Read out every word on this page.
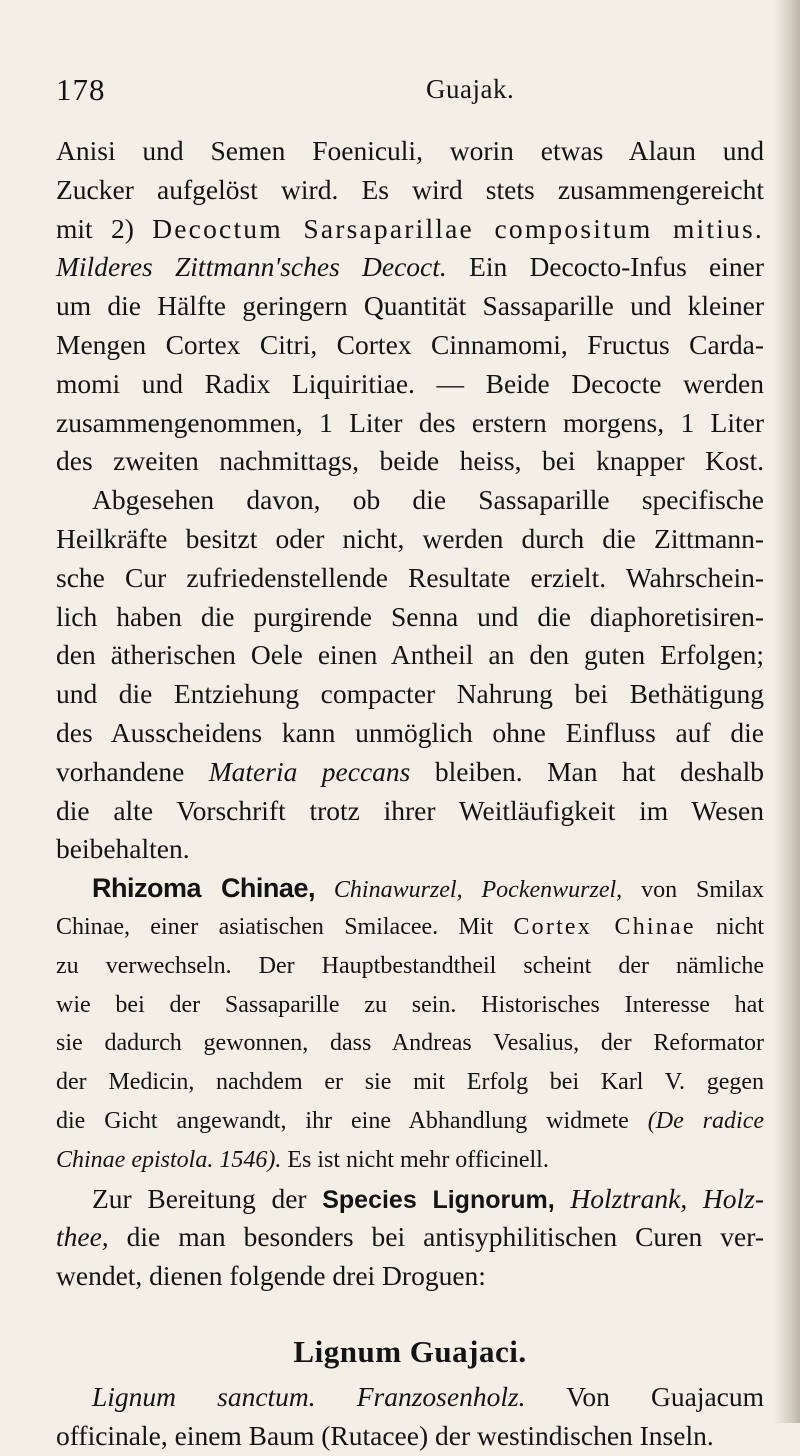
178	Guajak.
Anisi und Semen Foeniculi, worin etwas Alaun und
Zucker aufgelöst wird. Es wird stets zusammengereicht
mit 2) Decoctum Sarsaparillae compositum mitius.
Milderes Zittmann'sches Decoct. Ein Decocto-Infus einer
um die Hälfte geringern Quantität Sassaparille und kleiner
Mengen Cortex Citri, Cortex Cinnamomi, Fructus Carda-
momi und Radix Liquiritiae. — Beide Decocte werden
zusammengenommen, 1 Liter des erstern morgens, 1 Liter
des zweiten nachmittags, beide heiss, bei knapper Kost.
Abgesehen davon, ob die Sassaparille specifische
Heilkräfte besitzt oder nicht, werden durch die Zittmann-
sche Cur zufriedenstellende Resultate erzielt. Wahrschein-
lich haben die purgirende Senna und die diaphoretisiren-
den ätherischen Oele einen Antheil an den guten Erfolgen;
und die Entziehung compacter Nahrung bei Bethätigung
des Ausscheidens kann unmöglich ohne Einfluss auf die
vorhandene Materia peccans bleiben. Man hat deshalb
die alte Vorschrift trotz ihrer Weitläufigkeit im Wesen
beibehalten.
Rhizoma Chinae, Chinawurzel, Pockenwurzel, von Smilax
Chinae, einer asiatischen Smilacee. Mit Cortex Chinae nicht
zu verwechseln. Der Hauptbestandtheil scheint der nämliche
wie bei der Sassaparille zu sein. Historisches Interesse hat
sie dadurch gewonnen, dass Andreas Vesalius, der Reformator
der Medicin, nachdem er sie mit Erfolg bei Karl V. gegen
die Gicht angewandt, ihr eine Abhandlung widmete (De radice
Chinae epistola. 1546). Es ist nicht mehr officinell.
Zur Bereitung der Species Lignorum, Holztrank, Holz-
thee, die man besonders bei antisyphilitischen Curen ver-
wendet, dienen folgende drei Droguen:
Lignum Guajaci.
Lignum sanctum. Franzosenholz. Von Guajacum
officinale, einem Baum (Rutacee) der westindischen Inseln.
